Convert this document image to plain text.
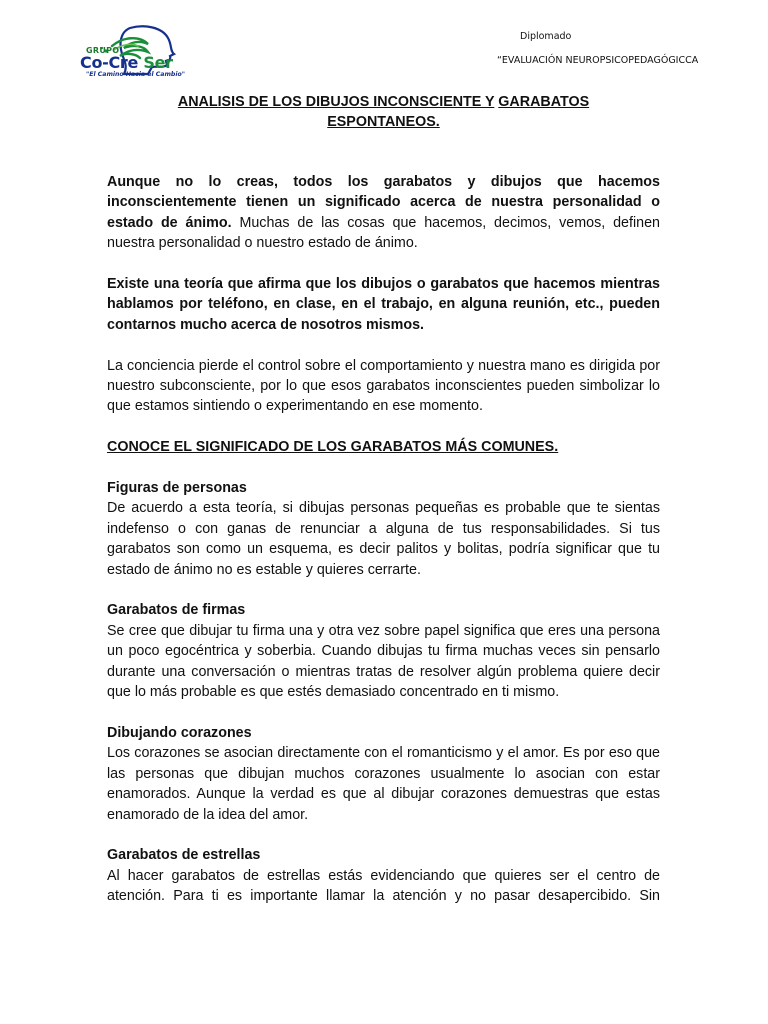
GRUPO
Co-Cre Ser
"El Camino Hacia el Cambio"
Diplomado
“EVALUACIÓN NEUROPSICOPEDAGÓGICCA
ANALISIS DE LOS DIBUJOS INCONSCIENTE Y GARABATOS
ESPONTANEOS.

Aunque no lo creas, todos los garabatos y dibujos que hacemos inconscientemente tienen un significado acerca de nuestra personalidad o estado de ánimo. Muchas de las cosas que hacemos, decimos, vemos, definen nuestra personalidad o nuestro estado de ánimo.

Existe una teoría que afirma que los dibujos o garabatos que hacemos mientras hablamos por teléfono, en clase, en el trabajo, en alguna reunión, etc., pueden contarnos mucho acerca de nosotros mismos.

La conciencia pierde el control sobre el comportamiento y nuestra mano es dirigida por nuestro subconsciente, por lo que esos garabatos inconscientes pueden simbolizar lo que estamos sintiendo o experimentando en ese momento.

CONOCE EL SIGNIFICADO DE LOS GARABATOS MÁS COMUNES.

Figuras de personas

De acuerdo a esta teoría, si dibujas personas pequeñas es probable que te sientas indefenso o con ganas de renunciar a alguna de tus responsabilidades. Si tus garabatos son como un esquema, es decir palitos y bolitas, podría significar que tu estado de ánimo no es estable y quieres cerrarte.

Garabatos de firmas

Se cree que dibujar tu firma una y otra vez sobre papel significa que eres una persona un poco egocéntrica y soberbia. Cuando dibujas tu firma muchas veces sin pensarlo durante una conversación o mientras tratas de resolver algún problema quiere decir que lo más probable es que estés demasiado concentrado en ti mismo.

Dibujando corazones

Los corazones se asocian directamente con el romanticismo y el amor. Es por eso que las personas que dibujan muchos corazones usualmente lo asocian con estar enamorados. Aunque la verdad es que al dibujar corazones demuestras que estas enamorado de la idea del amor.

Garabatos de estrellas

Al hacer garabatos de estrellas estás evidenciando que quieres ser el centro de atención. Para ti es importante llamar la atención y no pasar desapercibido. Sin
